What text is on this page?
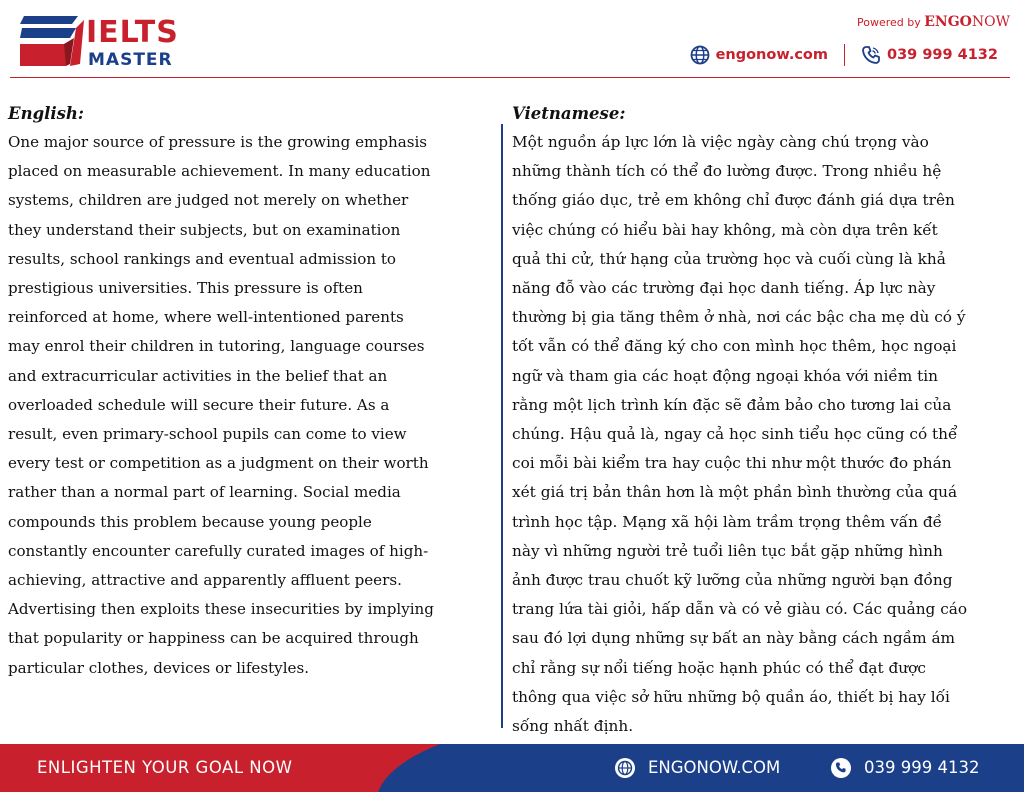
IELTS
MASTER
Powered by ENGONOW
engonow.com	039 999 4132
English:

One major source of pressure is the growing emphasis
placed on measurable achievement. In many education
systems, children are judged not merely on whether
they understand their subjects, but on examination
results, school rankings and eventual admission to
prestigious universities. This pressure is often
reinforced at home, where well-intentioned parents
may enrol their children in tutoring, language courses
and extracurricular activities in the belief that an
overloaded schedule will secure their future. As a
result, even primary-school pupils can come to view
every test or competition as a judgment on their worth
rather than a normal part of learning. Social media
compounds this problem because young people
constantly encounter carefully curated images of high-
achieving, attractive and apparently affluent peers.
Advertising then exploits these insecurities by implying
that popularity or happiness can be acquired through
particular clothes, devices or lifestyles.

Vietnamese:

Một nguồn áp lực lớn là việc ngày càng chú trọng vào
những thành tích có thể đo lường được. Trong nhiều hệ
thống giáo dục, trẻ em không chỉ được đánh giá dựa trên
việc chúng có hiểu bài hay không, mà còn dựa trên kết
quả thi cử, thứ hạng của trường học và cuối cùng là khả
năng đỗ vào các trường đại học danh tiếng. Áp lực này
thường bị gia tăng thêm ở nhà, nơi các bậc cha mẹ dù có ý
tốt vẫn có thể đăng ký cho con mình học thêm, học ngoại
ngữ và tham gia các hoạt động ngoại khóa với niềm tin
rằng một lịch trình kín đặc sẽ đảm bảo cho tương lai của
chúng. Hậu quả là, ngay cả học sinh tiểu học cũng có thể
coi mỗi bài kiểm tra hay cuộc thi như một thước đo phán
xét giá trị bản thân hơn là một phần bình thường của quá
trình học tập. Mạng xã hội làm trầm trọng thêm vấn đề
này vì những người trẻ tuổi liên tục bắt gặp những hình
ảnh được trau chuốt kỹ lưỡng của những người bạn đồng
trang lứa tài giỏi, hấp dẫn và có vẻ giàu có. Các quảng cáo
sau đó lợi dụng những sự bất an này bằng cách ngầm ám
chỉ rằng sự nổi tiếng hoặc hạnh phúc có thể đạt được
thông qua việc sở hữu những bộ quần áo, thiết bị hay lối
sống nhất định.

ENLIGHTEN YOUR GOAL NOW	ENGONOW.COM	039 999 4132
